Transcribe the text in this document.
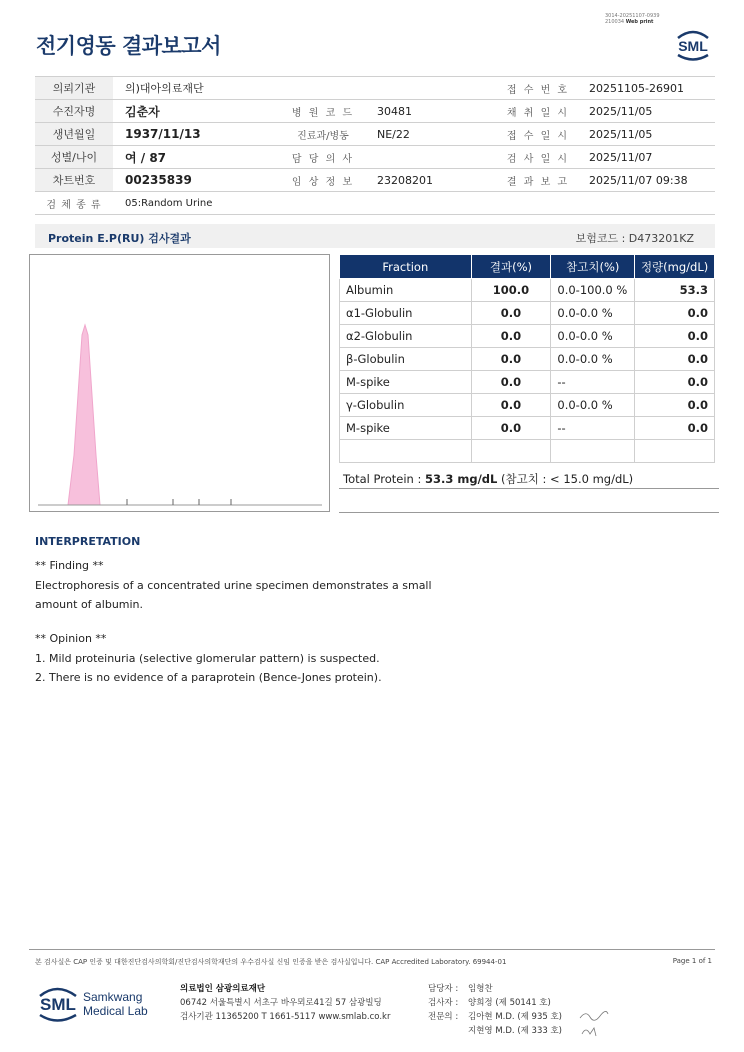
3014-20251107-0939
210034 Web print
전기영동 결과보고서	SML
의뢰기관	의)대아의료재단			접 수 번 호	20251105-26901
수진자명	김춘자	병 원 코 드	30481	채 취 일 시	2025/11/05
생년월일	1937/11/13	진료과/병동	NE/22	접 수 일 시	2025/11/05
성별/나이	여 / 87	담 당 의 사		검 사 일 시	2025/11/07
차트번호	00235839	임 상 정 보	23208201	결 과 보 고	2025/11/07 09:38
검 체 종 류	05:Random Urine				
Protein E.P(RU) 검사결과	보험코드 : D473201KZ
Fraction	결과(%)	참고치(%)	정량(mg/dL)
Albumin	100.0	0.0-100.0 %	53.3
α1-Globulin	0.0	0.0-0.0 %	0.0
α2-Globulin	0.0	0.0-0.0 %	0.0
β-Globulin	0.0	0.0-0.0 %	0.0
M-spike	0.0	--	0.0
γ-Globulin	0.0	0.0-0.0 %	0.0
M-spike	0.0	--	0.0

Total Protein : 53.3 mg/dL (참고치 : < 15.0 mg/dL)
INTERPRETATION
** Finding **
Electrophoresis of a concentrated urine specimen demonstrates a small
amount of albumin.
** Opinion **
1. Mild proteinuria (selective glomerular pattern) is suspected.
2. There is no evidence of a paraprotein (Bence-Jones protein).
본 검사실은 CAP 인증 및 대한진단검사의학회/진단검사의학재단의 우수검사실 신임 인증을 받은 검사실입니다. CAP Accredited Laboratory. 69944-01	Page 1 of 1
SML Samkwang
Medical Lab
의료법인 삼광의료재단
06742 서울특별시 서초구 바우뫼로41길 57 삼광빌딩
검사기관 11365200 T 1661-5117 www.smlab.co.kr
담당자 : 임형찬
검사자 : 양희정 (제 50141 호)
전문의 : 김아현 M.D. (제 935 호)
지현영 M.D. (제 333 호)
